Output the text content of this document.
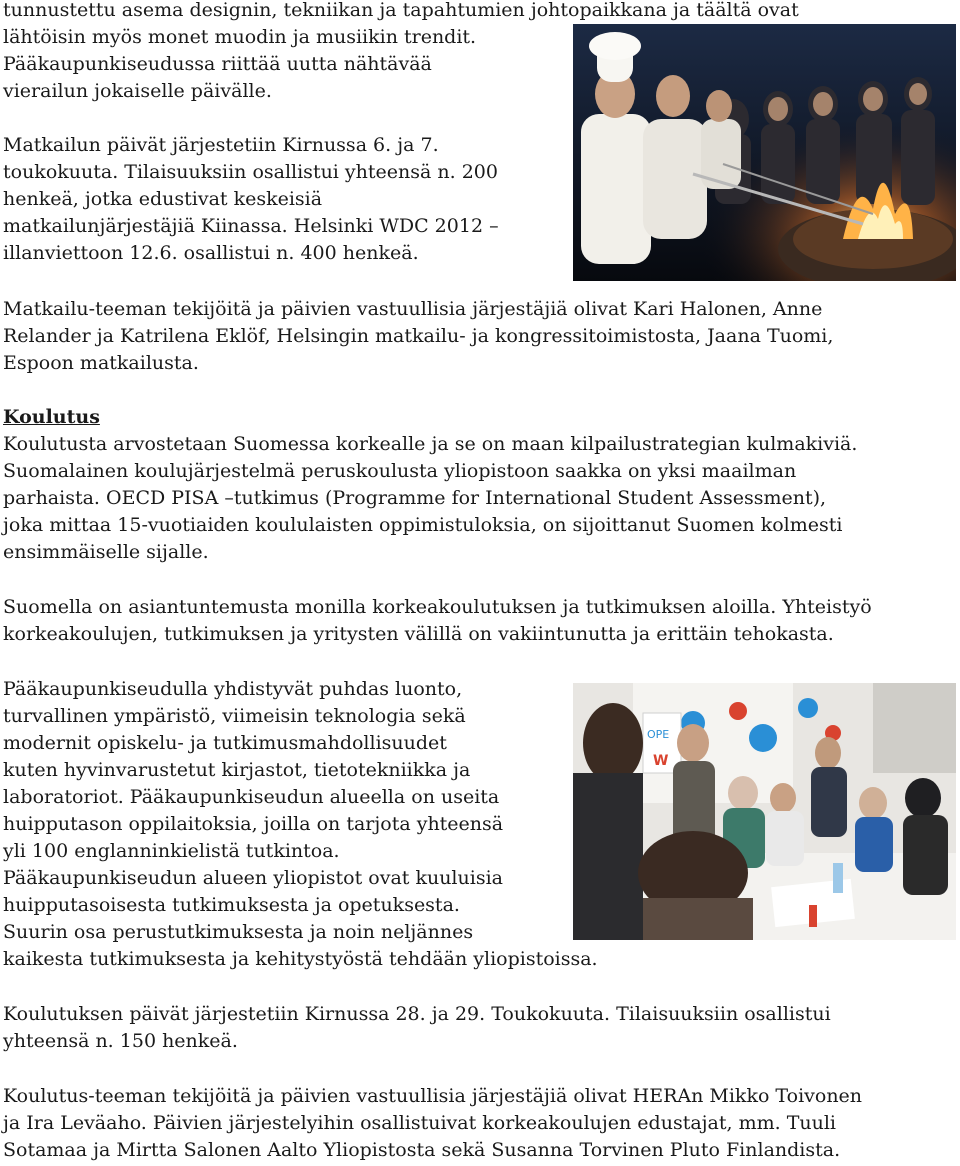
OPE
W

tunnustettu asema designin, tekniikan ja tapahtumien johtopaikkana ja täältä ovat
lähtöisin myös monet muodin ja musiikin trendit.
Pääkaupunkiseudussa riittää uutta nähtävää
vierailun jokaiselle päivälle.

Matkailun päivät järjestetiin Kirnussa 6. ja 7.
toukokuuta. Tilaisuuksiin osallistui yhteensä n. 200
henkeä, jotka edustivat keskeisiä
matkailunjärjestäjiä Kiinassa. Helsinki WDC 2012 –
illanviettoon 12.6. osallistui n. 400 henkeä.

Matkailu-teeman tekijöitä ja päivien vastuullisia järjestäjiä olivat Kari Halonen, Anne
Relander ja Katrilena Eklöf, Helsingin matkailu- ja kongressitoimistosta, Jaana Tuomi,
Espoon matkailusta.

Koulutus
Koulutusta arvostetaan Suomessa korkealle ja se on maan kilpailustrategian kulmakiviä.
Suomalainen koulujärjestelmä peruskoulusta yliopistoon saakka on yksi maailman
parhaista. OECD PISA –tutkimus (Programme for International Student Assessment),
joka mittaa 15-vuotiaiden koululaisten oppimistuloksia, on sijoittanut Suomen kolmesti
ensimmäiselle sijalle.

Suomella on asiantuntemusta monilla korkeakoulutuksen ja tutkimuksen aloilla. Yhteistyö
korkeakoulujen, tutkimuksen ja yritysten välillä on vakiintunutta ja erittäin tehokasta.

Pääkaupunkiseudulla yhdistyvät puhdas luonto,
turvallinen ympäristö, viimeisin teknologia sekä
modernit opiskelu- ja tutkimusmahdollisuudet
kuten hyvinvarustetut kirjastot, tietotekniikka ja
laboratoriot. Pääkaupunkiseudun alueella on useita
huipputason oppilaitoksia, joilla on tarjota yhteensä
yli 100 englanninkielistä tutkintoa.
Pääkaupunkiseudun alueen yliopistot ovat kuuluisia
huipputasoisesta tutkimuksesta ja opetuksesta.
Suurin osa perustutkimuksesta ja noin neljännes
kaikesta tutkimuksesta ja kehitystyöstä tehdään yliopistoissa.

Koulutuksen päivät järjestetiin Kirnussa 28. ja 29. Toukokuuta. Tilaisuuksiin osallistui
yhteensä n. 150 henkeä.

Koulutus-teeman tekijöitä ja päivien vastuullisia järjestäjiä olivat HERAn Mikko Toivonen
ja Ira Leväaho. Päivien järjestelyihin osallistuivat korkeakoulujen edustajat, mm. Tuuli
Sotamaa ja Mirtta Salonen Aalto Yliopistosta sekä Susanna Torvinen Pluto Finlandista.
